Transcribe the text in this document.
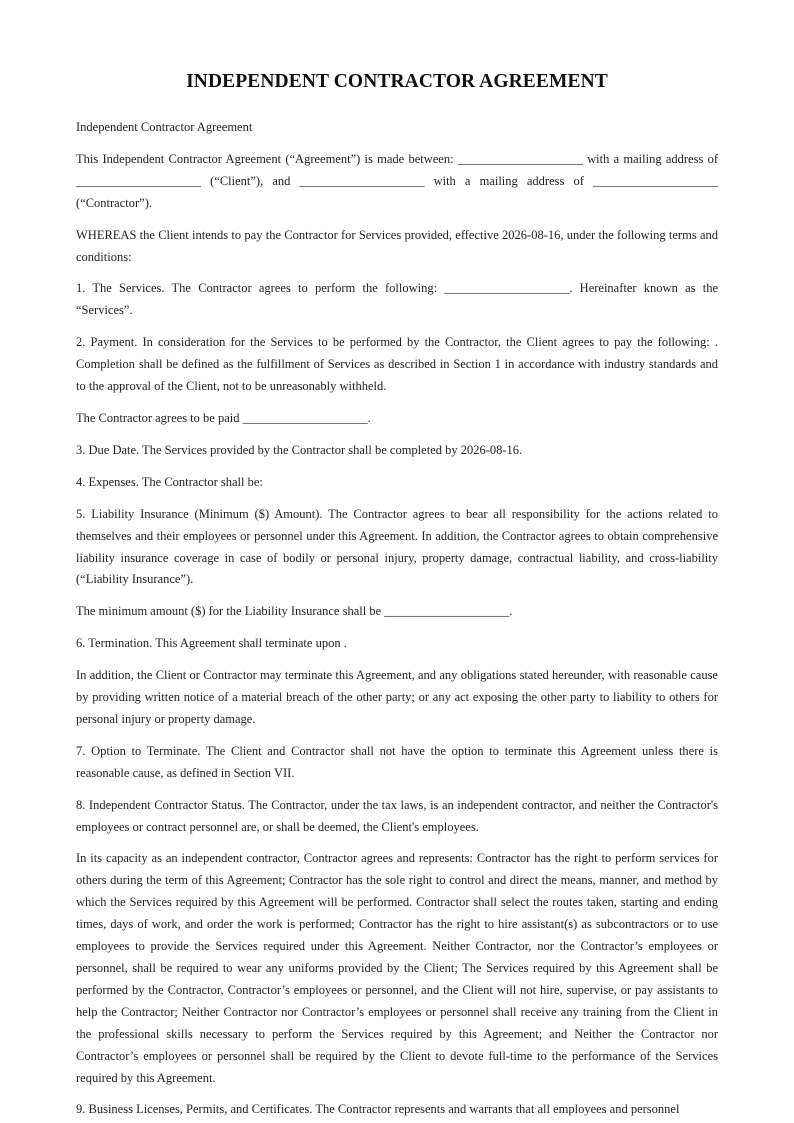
INDEPENDENT CONTRACTOR AGREEMENT

Independent Contractor Agreement

This Independent Contractor Agreement (“Agreement”) is made between: ____________________ with a mailing address of ____________________ (“Client”), and ____________________ with a mailing address of ____________________ (“Contractor”).

WHEREAS the Client intends to pay the Contractor for Services provided, effective 2026-08-16, under the following terms and conditions:

1. The Services. The Contractor agrees to perform the following: ____________________. Hereinafter known as the “Services”.

2. Payment. In consideration for the Services to be performed by the Contractor, the Client agrees to pay the following: . Completion shall be defined as the fulfillment of Services as described in Section 1 in accordance with industry standards and to the approval of the Client, not to be unreasonably withheld.

The Contractor agrees to be paid ____________________.

3. Due Date. The Services provided by the Contractor shall be completed by 2026-08-16.

4. Expenses. The Contractor shall be:

5. Liability Insurance (Minimum ($) Amount). The Contractor agrees to bear all responsibility for the actions related to themselves and their employees or personnel under this Agreement. In addition, the Contractor agrees to obtain comprehensive liability insurance coverage in case of bodily or personal injury, property damage, contractual liability, and cross-liability (“Liability Insurance”).

The minimum amount ($) for the Liability Insurance shall be ____________________.

6. Termination. This Agreement shall terminate upon .

In addition, the Client or Contractor may terminate this Agreement, and any obligations stated hereunder, with reasonable cause by providing written notice of a material breach of the other party; or any act exposing the other party to liability to others for personal injury or property damage.

7. Option to Terminate. The Client and Contractor shall not have the option to terminate this Agreement unless there is reasonable cause, as defined in Section VII.

8. Independent Contractor Status. The Contractor, under the tax laws, is an independent contractor, and neither the Contractor's employees or contract personnel are, or shall be deemed, the Client's employees.

In its capacity as an independent contractor, Contractor agrees and represents: Contractor has the right to perform services for others during the term of this Agreement; Contractor has the sole right to control and direct the means, manner, and method by which the Services required by this Agreement will be performed. Contractor shall select the routes taken, starting and ending times, days of work, and order the work is performed; Contractor has the right to hire assistant(s) as subcontractors or to use employees to provide the Services required under this Agreement. Neither Contractor, nor the Contractor’s employees or personnel, shall be required to wear any uniforms provided by the Client; The Services required by this Agreement shall be performed by the Contractor, Contractor’s employees or personnel, and the Client will not hire, supervise, or pay assistants to help the Contractor; Neither Contractor nor Contractor’s employees or personnel shall receive any training from the Client in the professional skills necessary to perform the Services required by this Agreement; and Neither the Contractor nor Contractor’s employees or personnel shall be required by the Client to devote full-time to the performance of the Services required by this Agreement.

9. Business Licenses, Permits, and Certificates. The Contractor represents and warrants that all employees and personnel
